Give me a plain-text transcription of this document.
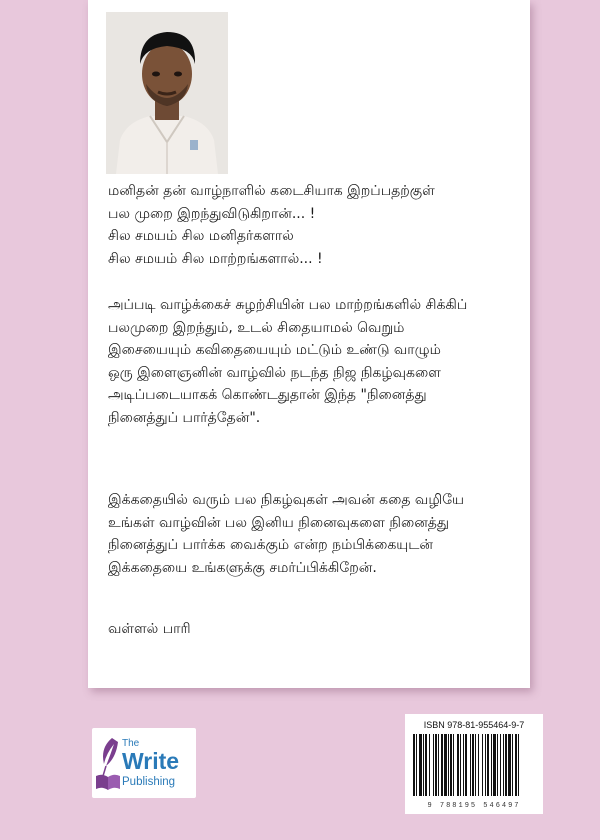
மனிதன் தன் வாழ்நாளில் கடைசியாக இறப்பதற்குள்

பல முறை இறந்துவிடுகிறான்... !

சில சமயம் சில மனிதர்களால்

சில சமயம் சில மாற்றங்களால்... !

அப்படி வாழ்க்கைச் சுழற்சியின் பல மாற்றங்களில் சிக்கிப்

பலமுறை இறந்தும், உடல் சிதையாமல் வெறும்

இசையையும் கவிதையையும் மட்டும் உண்டு வாழும்

ஒரு இளைஞனின் வாழ்வில் நடந்த நிஜ நிகழ்வுகளை

அடிப்படையாகக் கொண்டதுதான் இந்த "நினைத்து

நினைத்துப் பார்த்தேன்".

இக்கதையில் வரும் பல நிகழ்வுகள் அவன் கதை வழியே

உங்கள் வாழ்வின் பல இனிய நினைவுகளை நினைத்து

நினைத்துப் பார்க்க வைக்கும் என்ற நம்பிக்கையுடன்

இக்கதையை உங்களுக்கு சமர்ப்பிக்கிறேன்.

வள்ளல் பாரி

The
Write
Publishing
ISBN 978-81-955464-9-7
9 788195 546497
